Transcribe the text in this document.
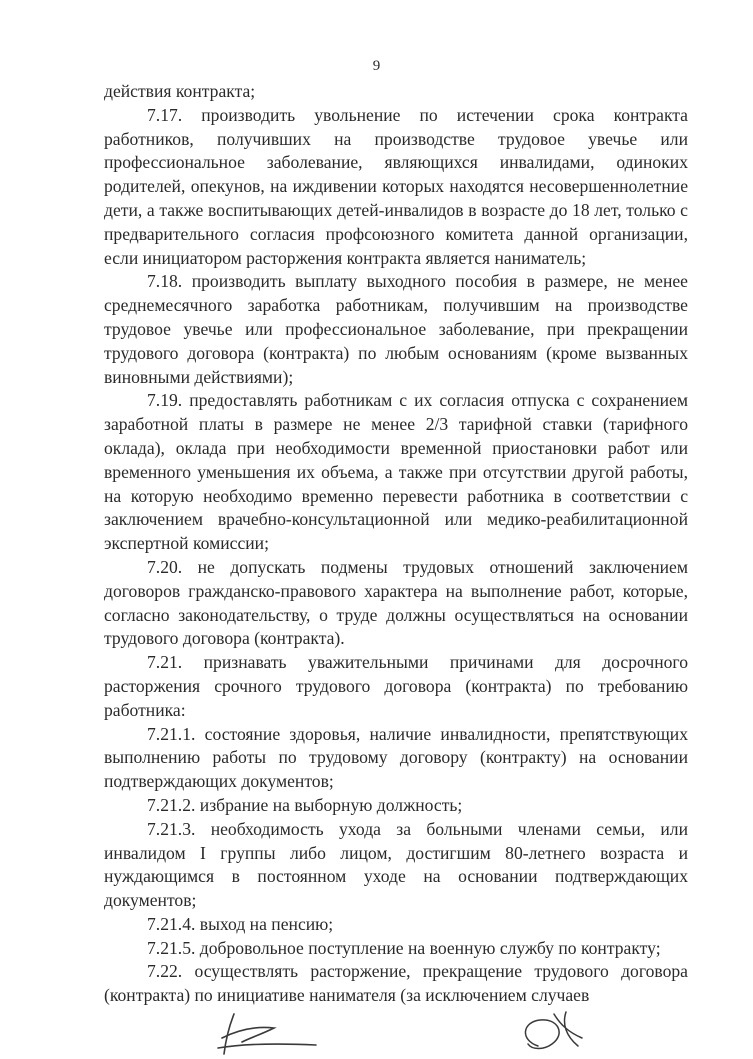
9

действия контракта;

7.17. производить увольнение по истечении срока контракта работников, получивших на производстве трудовое увечье или профессиональное заболевание, являющихся инвалидами, одиноких родителей, опекунов, на иждивении которых находятся несовершеннолетние дети, а также воспитывающих детей-инвалидов в возрасте до 18 лет, только с предварительного согласия профсоюзного комитета данной организации, если инициатором расторжения контракта является наниматель;

7.18. производить выплату выходного пособия в размере, не менее среднемесячного заработка работникам, получившим на производстве трудовое увечье или профессиональное заболевание, при прекращении трудового договора (контракта) по любым основаниям (кроме вызванных виновными действиями);

7.19. предоставлять работникам с их согласия отпуска с сохранением заработной платы в размере не менее 2/3 тарифной ставки (тарифного оклада), оклада при необходимости временной приостановки работ или временного уменьшения их объема, а также при отсутствии другой работы, на которую необходимо временно перевести работника в соответствии с заключением врачебно-консультационной или медико-реабилитационной экспертной комиссии;

7.20. не допускать подмены трудовых отношений заключением договоров гражданско-правового характера на выполнение работ, которые, согласно законодательству, о труде должны осуществляться на основании трудового договора (контракта).

7.21. признавать уважительными причинами для досрочного расторжения срочного трудового договора (контракта) по требованию работника:

7.21.1. состояние здоровья, наличие инвалидности, препятствующих выполнению работы по трудовому договору (контракту) на основании подтверждающих документов;

7.21.2. избрание на выборную должность;

7.21.3. необходимость ухода за больными членами семьи, или инвалидом I группы либо лицом, достигшим 80-летнего возраста и нуждающимся в постоянном уходе на основании подтверждающих документов;

7.21.4. выход на пенсию;

7.21.5. добровольное поступление на военную службу по контракту;

7.22. осуществлять расторжение, прекращение трудового договора (контракта) по инициативе нанимателя (за исключением случаев
